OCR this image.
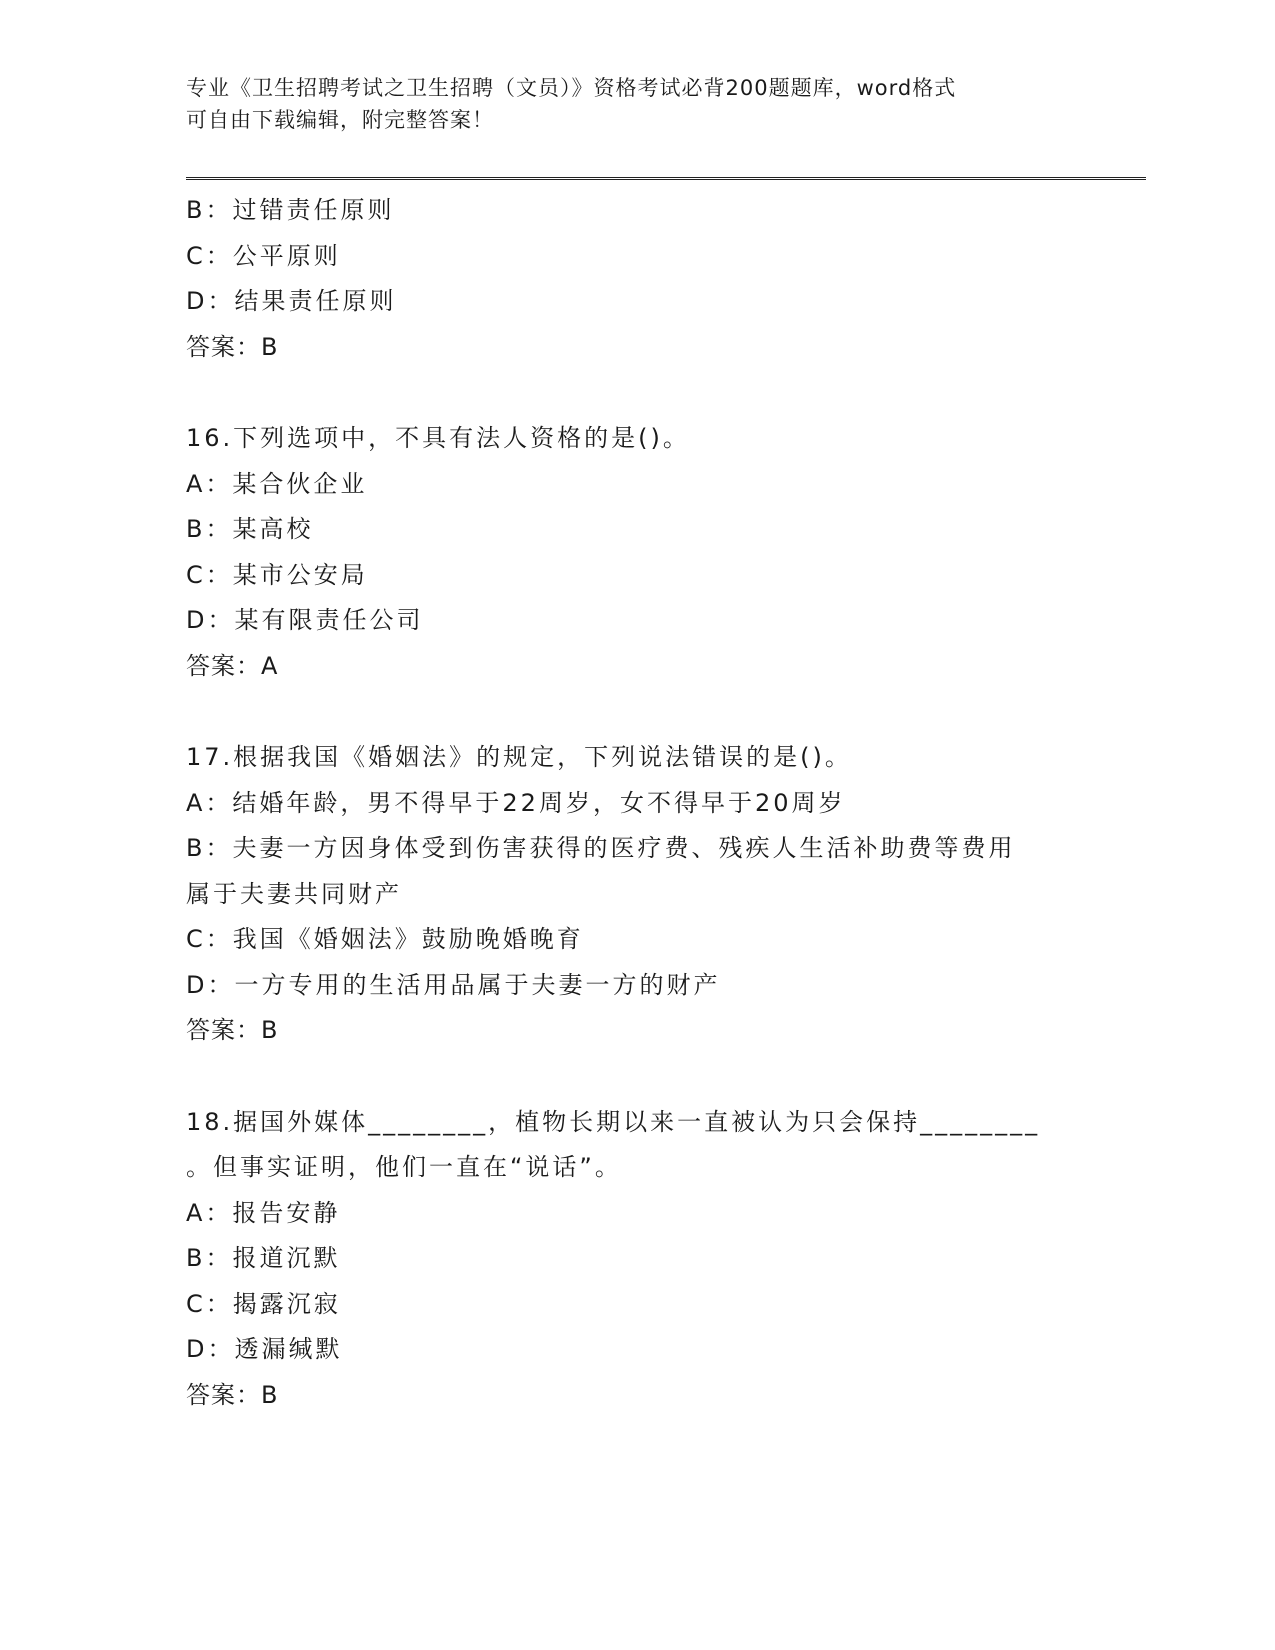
专业《卫生招聘考试之卫生招聘（文员）》资格考试必背200题题库，word格式
可自由下载编辑，附完整答案！
B：过错责任原则
C：公平原则
D：结果责任原则
答案：B
16.下列选项中，不具有法人资格的是()。
A：某合伙企业
B：某高校
C：某市公安局
D：某有限责任公司
答案：A
17.根据我国《婚姻法》的规定，下列说法错误的是()。
A：结婚年龄，男不得早于22周岁，女不得早于20周岁
B：夫妻一方因身体受到伤害获得的医疗费、残疾人生活补助费等费用
属于夫妻共同财产
C：我国《婚姻法》鼓励晚婚晚育
D：一方专用的生活用品属于夫妻一方的财产
答案：B
18.据国外媒体________，植物长期以来一直被认为只会保持________
。但事实证明，他们一直在“说话”。
A：报告安静
B：报道沉默
C：揭露沉寂
D：透漏缄默
答案：B
